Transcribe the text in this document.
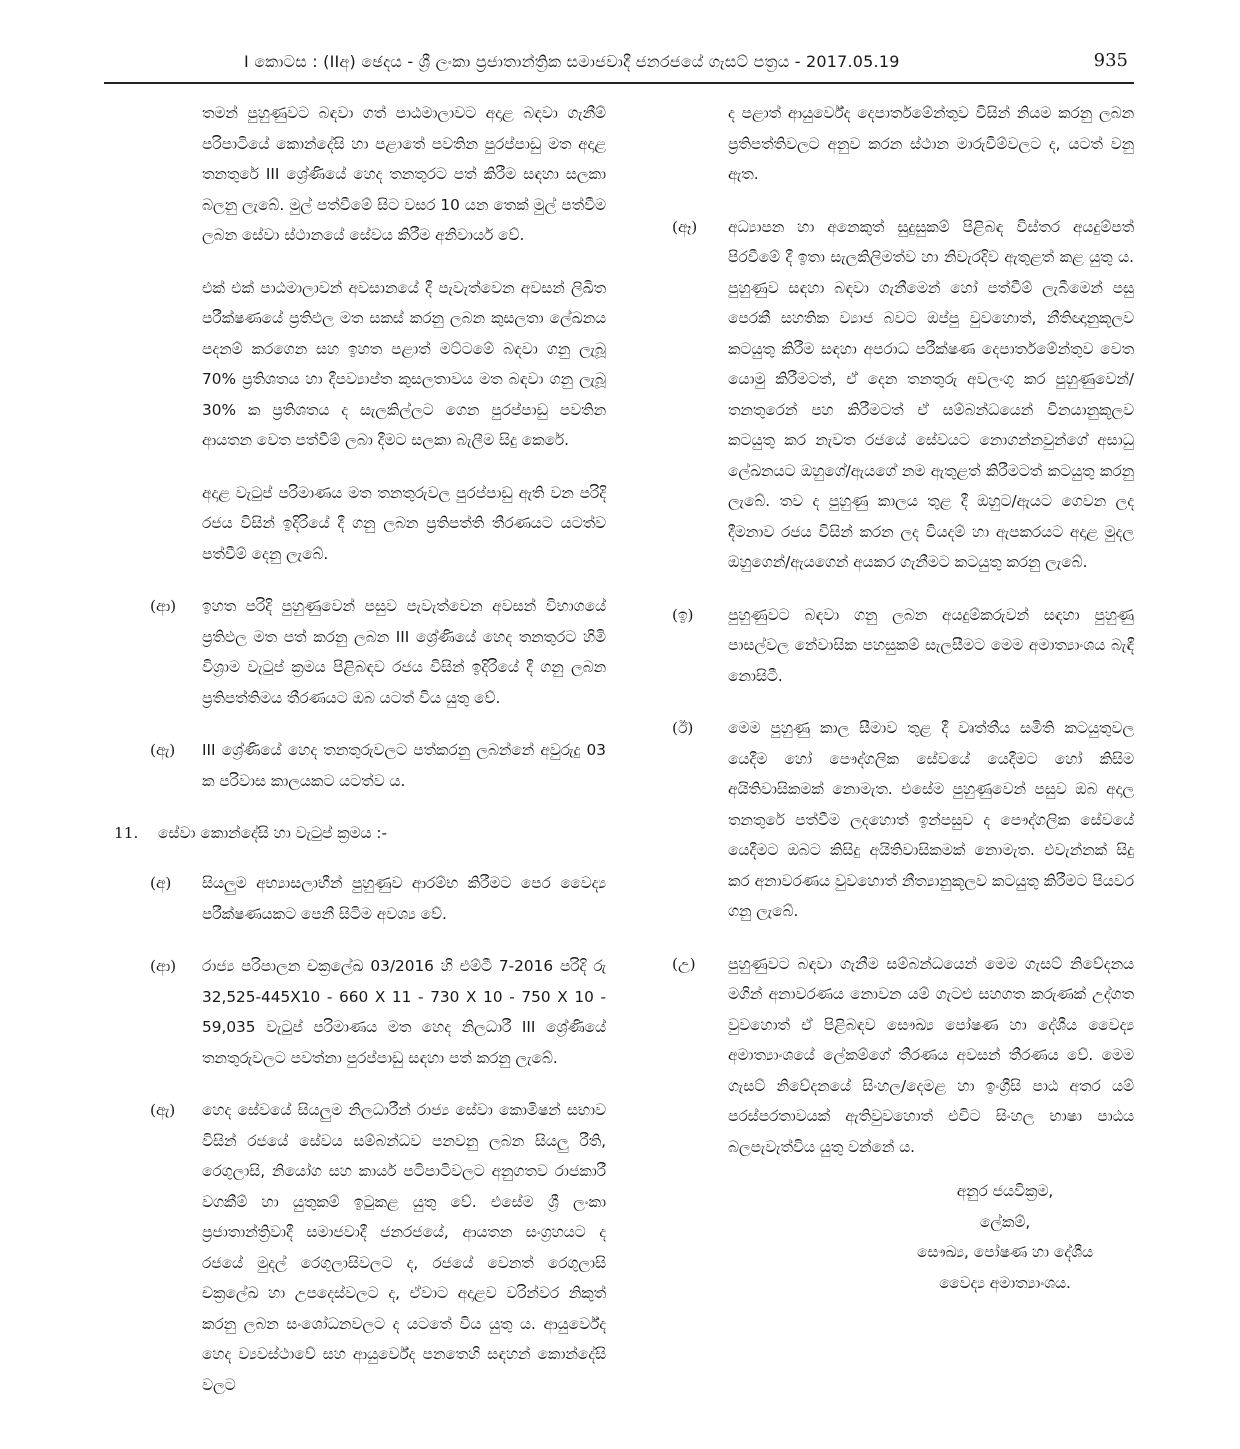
I කොටස : (IIඅ) ඡෙදය - ශ්‍රී ලංකා ප්‍රජාතාන්ත්‍රික සමාජවාදී ජනරජයේ ගැසට් පත්‍රය - 2017.05.19	935
තමන් පුහුණුවට බඳවා ගත් පාඨමාලාවට අදාළ බඳවා ගැනීම් පරිපාටියේ කොන්දේසි හා පළාතේ පවතින පුරප්පාඩු මත අදාළ තනතුරේ III ශ්‍රේණියේ හෙද තනතුරට පත් කිරීම සඳහා සලකා බලනු ලැබේ. මුල් පත්වීමේ සිට වසර 10 යන තෙක් මුල් පත්වීම ලබන සේවා ස්ථානයේ සේවය කිරීම අනිවාර්ය වේ.
එක් එක් පාඨමාලාවන් අවසානයේ දී පැවැත්වෙන අවසන් ලිඛිත පරීක්ෂණයේ ප්‍රතිඵල මත සකස් කරනු ලබන කුසලතා ලේඛනය පදනම් කරගෙන සහ ඉහත පළාත් මට්ටමේ බඳවා ගනු ලැබූ 70% ප්‍රතිශතය හා දීපව්‍යාප්ත කුසලතාවය මත බඳවා ගනු ලැබූ 30% ක ප්‍රතිශතය ද සැලකිල්ලට ගෙන පුරප්පාඩු පවතින ආයතන වෙත පත්වීම් ලබා දීමට සලකා බැලීම සිදු කෙරේ.
අදාළ වැටුප් පරිමාණය මත තනතුරුවල පුරප්පාඩු ඇති වන පරිදි රජය විසින් ඉදිරියේ දී ගනු ලබන ප්‍රතිපත්ති තීරණයට යටත්ව පත්වීම් දෙනු ලැබේ.
(ආ) ඉහත පරිදි පුහුණුවෙන් පසුව පැවැත්වෙන අවසන් විභාගයේ ප්‍රතිඵල මත පත් කරනු ලබන III ශ්‍රේණියේ හෙද තනතුරට හිමි විශ්‍රාම වැටුප් ක්‍රමය පිළිබඳව රජය විසින් ඉදිරියේ දී ගනු ලබන ප්‍රතිපත්තිමය තීරණයට ඔබ යටත් විය යුතු වේ.
(ඇ) III ශ්‍රේණියේ හෙද තනතුරුවලට පත්කරනු ලබන්නේ අවුරුදු 03 ක පරිවාස කාලයකට යටත්ව ය.
11. සේවා කොන්දේසි හා වැටුප් ක්‍රමය :-
(අ) සියලුම අභ්‍යාසලාභීන් පුහුණුව ආරම්භ කිරීමට පෙර වෛද්‍ය පරීක්ෂණයකට පෙනී සිටිම අවශ්‍ය වේ.
(ආ) රාජ්‍ය පරිපාලන චක්‍රලේඛ 03/2016 හි එම්ටී 7-2016 පරිදි රු 32,525-445X10 - 660 X 11 - 730 X 10 - 750 X 10 - 59,035 වැටුප් පරිමාණය මත හෙද නිලධාරී III ශ්‍රේණියේ තනතුරුවලට පවත්නා පුරප්පාඩු සඳහා පත් කරනු ලැබේ.
(ඇ) හෙද සේවයේ සියලුම නිලධාරීන් රාජ්‍ය සේවා කොමිෂන් සභාව විසින් රජයේ සේවය සම්බන්ධව පනවනු ලබන සියලු රීති, රෙගුලාසි, නියෝග සහ කාර්ය පටිපාටිවලට අනුගතව රාජකාරී වගකීම් හා යුතුකම් ඉටුකළ යුතු වේ. එසේම ශ්‍රී ලංකා ප්‍රජාතාන්ත්‍රිවාදී සමාජවාදී ජනරජයේ, ආයතන සංග්‍රහයට ද රජයේ මුදල් රෙගුලාසිවලට ද, රජයේ වෙනත් රෙගුලාසි චක්‍රලේඛ හා උපදෙස්වලට ද, ඒවාට අදාළව වරින්වර නිකුත් කරනු ලබන සංශෝධනවලට ද යටතේ විය යුතු ය. ආයුර්වේද හෙද ව්‍යවස්ථාවේ සහ ආයුර්වේද පනතෙහි සඳහන් කොන්දේසි වලට
ද පළාත් ආයුර්වේද දෙපාර්තමේන්තුව විසින් නියම කරනු ලබන ප්‍රතිපත්තිවලට අනුව කරන ස්ථාන මාරුවීම්වලට ද, යටත් වනු ඇත.
(ඈ) අධ්‍යාපන හා අනෙකුත් සුදුසුකම් පිළිබඳ විස්තර අයදුම්පත් පිරවීමේ දී ඉතා සැලකිලිමත්ව හා නිවැරදිව ඇතුළත් කළ යුතු ය. පුහුණුව සඳහා බඳවා ගැනීමෙන් හෝ පත්වීම් ලැබීමෙන් පසු පෙරකී සහතික ව්‍යාජ බවට ඔප්පු වුවහොත්, නීතිඥානුකූලව කටයුතු කිරීම සඳහා අපරාධ පරීක්ෂණ දෙපාර්තමේන්තුව වෙත යොමු කිරීමටත්, ඒ දෙන තනතුරු අවලංගු කර පුහුණුවෙන්/තනතුරෙන් පහ කිරීමටත් ඒ සම්බන්ධයෙන් විනයානුකූලව කටයුතු කර නැවත රජයේ සේවයට නොගන්නවුන්ගේ අසාධු ලේඛනයට ඔහුගේ/ඇයගේ නම ඇතුළත් කිරීමටත් කටයුතු කරනු ලැබේ. තව ද පුහුණු කාලය තුළ දී ඔහුට/ඇයට ගෙවන ලද දීමනාව රජය විසින් කරන ලද වියදම් හා ඇපකරයට අදාළ මුදල ඔහුගෙන්/ඇයගෙන් අයකර ගැනීමට කටයුතු කරනු ලැබේ.
(ඉ) පුහුණුවට බඳවා ගනු ලබන අයදුම්කරුවන් සඳහා පුහුණු පාසල්වල නේවාසික පහසුකම් සැලසීමට මෙම අමාත්‍යාංශය බැඳී නොසිටී.
(ඊ) මෙම පුහුණු කාල සීමාව තුළ දී වෘත්තීය සමිති කටයුතුවල යෙදීම හෝ පෞද්ගලික සේවයේ යෙදීමට හෝ කිසිම අයිතිවාසිකමක් නොමැත. එසේම පුහුණුවෙන් පසුව ඔබ අදාල තනතුරේ පත්වීම ලදහොත් ඉන්පසුව ද පෞද්ගලික සේවයේ යෙදීමට ඔබට කිසිදු අයිතිවාසිකමක් නොමැත. එවැන්නක් සිදු කර අනාවරණය වුවහොත් නීත්‍යානුකූලව කටයුතු කිරීමට පියවර ගනු ලැබේ.
(උ) පුහුණුවට බඳවා ගැනීම සම්බන්ධයෙන් මෙම ගැසට් නිවේදනය මගින් අනාවරණය නොවන යම් ගැටළු සහගත කරුණක් උද්ගත වුවහොත් ඒ පිළිබඳව සෞඛ්‍ය පෝෂණ හා දේශීය වෛද්‍ය අමාත්‍යාංශයේ ලේකම්ගේ තීරණය අවසන් තීරණය වේ. මෙම ගැසට් නිවේදනයේ සිංහල/දෙමළ හා ඉංග්‍රීසි පාඨ අතර යම් පරස්පරතාවයක් ඇතිවුවහොත් එවිට සිංහල භාෂා පාඨය බලපැවැත්විය යුතු වන්නේ ය.
අනුර ජයවික්‍රම,
ලේකම්,
සෞඛ්‍ය, පෝෂණ හා දේශීය
වෛද්‍ය අමාත්‍යාංශය.
